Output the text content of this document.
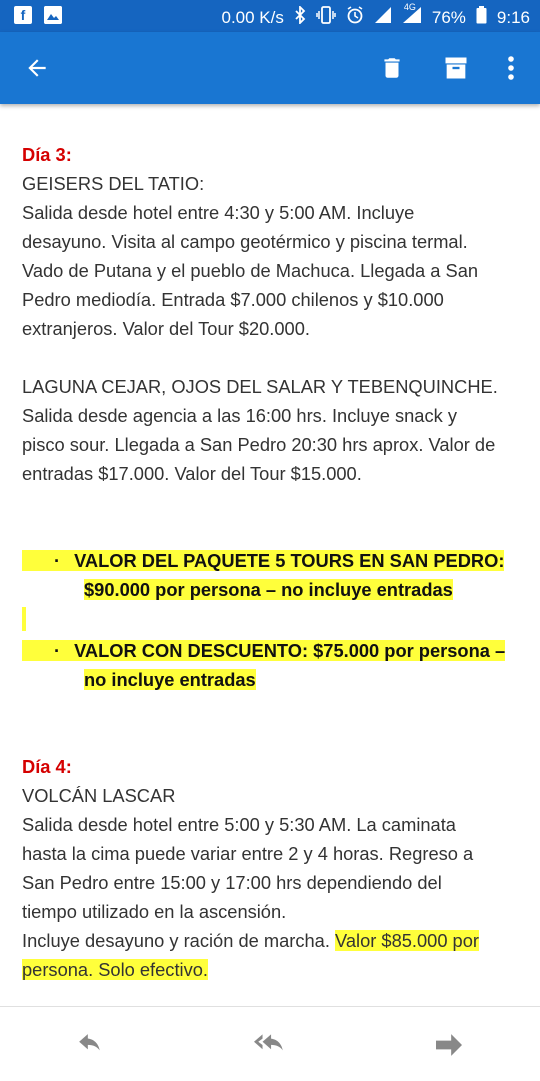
f	0.00 K/s
4G
76% 9:16

Día 3:

GEISERS DEL TATIO:

Salida desde hotel entre 4:30 y 5:00 AM. Incluye

desayuno. Visita al campo geotérmico y piscina termal.

Vado de Putana y el pueblo de Machuca. Llegada a San

Pedro mediodía. Entrada $7.000 chilenos y $10.000

extranjeros. Valor del Tour $20.000.

LAGUNA CEJAR, OJOS DEL SALAR Y TEBENQUINCHE.

Salida desde agencia a las 16:00 hrs. Incluye snack y

pisco sour. Llegada a San Pedro 20:30 hrs aprox. Valor de

entradas $17.000. Valor del Tour $15.000.

· VALOR DEL PAQUETE 5 TOURS EN SAN PEDRO:

$90.000 por persona – no incluye entradas

· VALOR CON DESCUENTO: $75.000 por persona –

no incluye entradas

Día 4:

VOLCÁN LASCAR

Salida desde hotel entre 5:00 y 5:30 AM. La caminata

hasta la cima puede variar entre 2 y 4 horas. Regreso a

San Pedro entre 15:00 y 17:00 hrs dependiendo del

tiempo utilizado en la ascensión.

Incluye desayuno y ración de marcha. Valor $85.000 por

persona. Solo efectivo.
